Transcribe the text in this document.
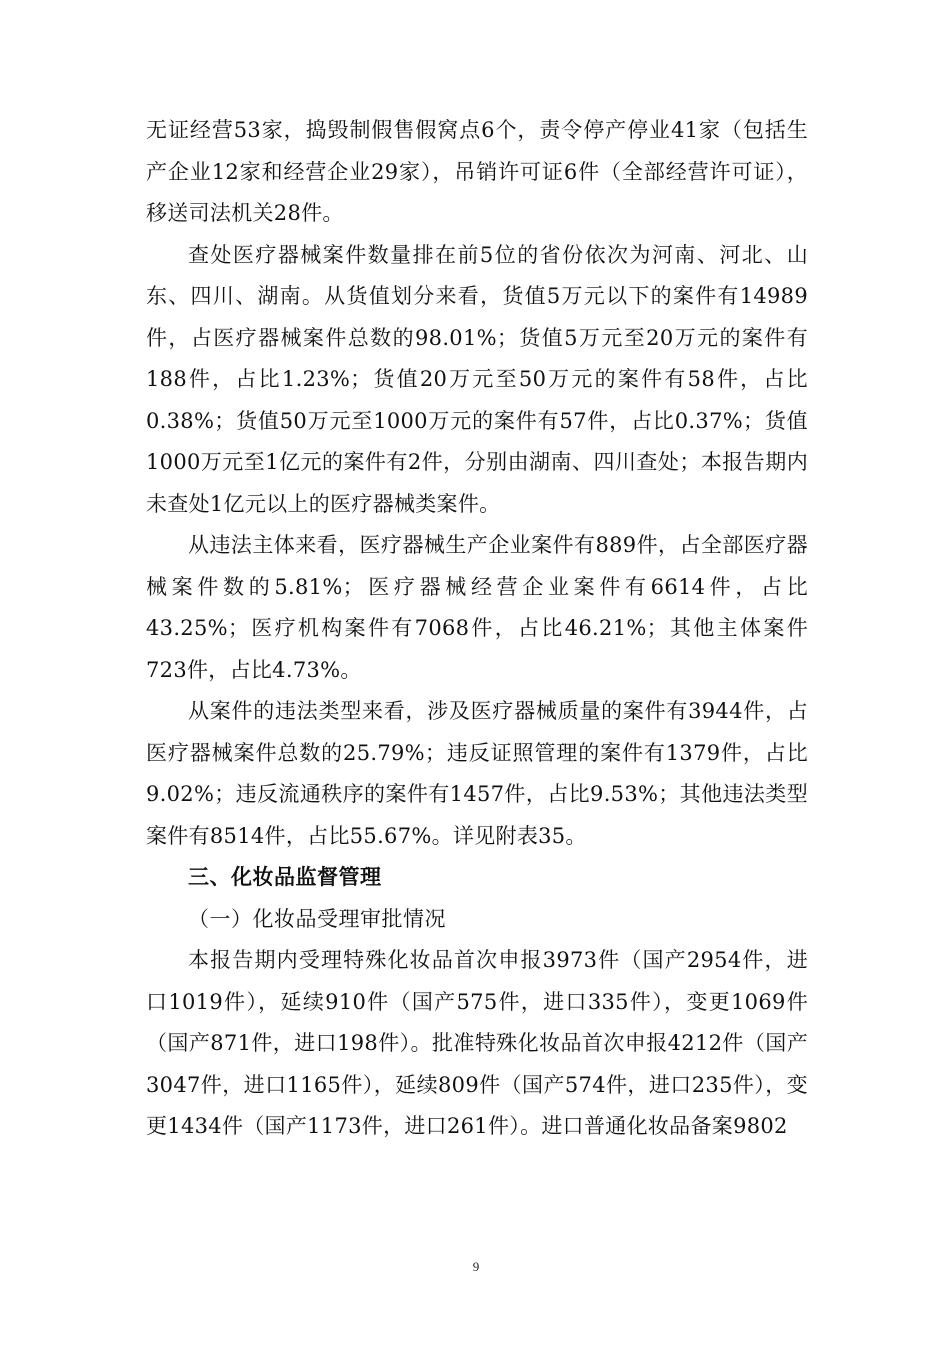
无证经营53家，捣毁制假售假窝点6个，责令停产停业41家（包括生产企业12家和经营企业29家），吊销许可证6件（全部经营许可证），移送司法机关28件。

查处医疗器械案件数量排在前5位的省份依次为河南、河北、山东、四川、湖南。从货值划分来看，货值5万元以下的案件有14989件，占医疗器械案件总数的98.01%；货值5万元至20万元的案件有188件，占比1.23%；货值20万元至50万元的案件有58件，占比0.38%；货值50万元至1000万元的案件有57件，占比0.37%；货值1000万元至1亿元的案件有2件，分别由湖南、四川查处；本报告期内未查处1亿元以上的医疗器械类案件。

从违法主体来看，医疗器械生产企业案件有889件，占全部医疗器械案件数的5.81%；医疗器械经营企业案件有6614件，占比43.25%；医疗机构案件有7068件，占比46.21%；其他主体案件723件，占比4.73%。

从案件的违法类型来看，涉及医疗器械质量的案件有3944件，占医疗器械案件总数的25.79%；违反证照管理的案件有1379件，占比9.02%；违反流通秩序的案件有1457件，占比9.53%；其他违法类型案件有8514件，占比55.67%。详见附表35。

三、化妆品监督管理

（一）化妆品受理审批情况

本报告期内受理特殊化妆品首次申报3973件（国产2954件，进口1019件），延续910件（国产575件，进口335件），变更1069件（国产871件，进口198件）。批准特殊化妆品首次申报4212件（国产3047件，进口1165件），延续809件（国产574件，进口235件），变更1434件（国产1173件，进口261件）。进口普通化妆品备案9802

9
